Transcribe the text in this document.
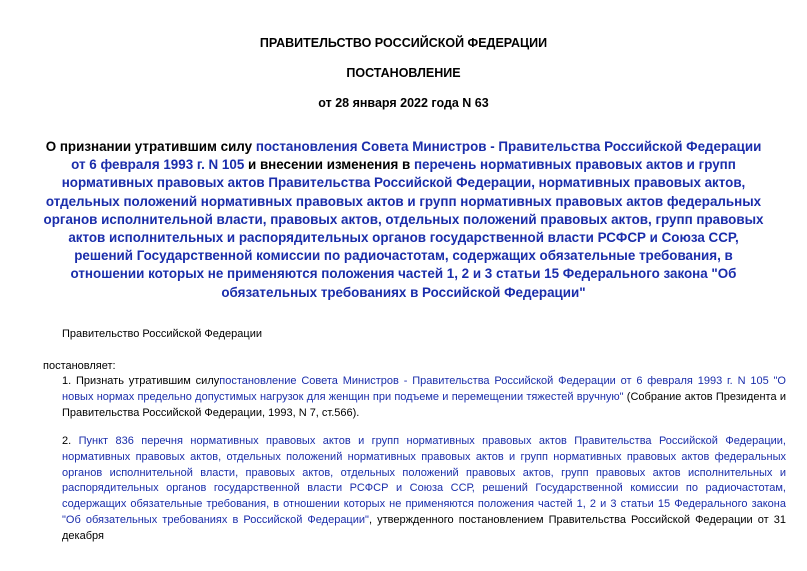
ПРАВИТЕЛЬСТВО РОССИЙСКОЙ ФЕДЕРАЦИИ
ПОСТАНОВЛЕНИЕ
от 28 января 2022 года N 63
О признании утратившим силу постановления Совета Министров - Правительства Российской Федерации от 6 февраля 1993 г. N 105 и внесении изменения в перечень нормативных правовых актов и групп нормативных правовых актов Правительства Российской Федерации, нормативных правовых актов, отдельных положений нормативных правовых актов и групп нормативных правовых актов федеральных органов исполнительной власти, правовых актов, отдельных положений правовых актов, групп правовых актов исполнительных и распорядительных органов государственной власти РСФСР и Союза ССР, решений Государственной комиссии по радиочастотам, содержащих обязательные требования, в отношении которых не применяются положения частей 1, 2 и 3 статьи 15 Федерального закона "Об обязательных требованиях в Российской Федерации"
Правительство Российской Федерации
постановляет:
1. Признать утратившим силупостановление Совета Министров - Правительства Российской Федерации от 6 февраля 1993 г. N 105 "О новых нормах предельно допустимых нагрузок для женщин при подъеме и перемещении тяжестей вручную" (Собрание актов Президента и Правительства Российской Федерации, 1993, N 7, ст.566).
2. Пункт 836 перечня нормативных правовых актов и групп нормативных правовых актов Правительства Российской Федерации, нормативных правовых актов, отдельных положений нормативных правовых актов и групп нормативных правовых актов федеральных органов исполнительной власти, правовых актов, отдельных положений правовых актов, групп правовых актов исполнительных и распорядительных органов государственной власти РСФСР и Союза ССР, решений Государственной комиссии по радиочастотам, содержащих обязательные требования, в отношении которых не применяются положения частей 1, 2 и 3 статьи 15 Федерального закона "Об обязательных требованиях в Российской Федерации", утвержденного постановлением Правительства Российской Федерации от 31 декабря
